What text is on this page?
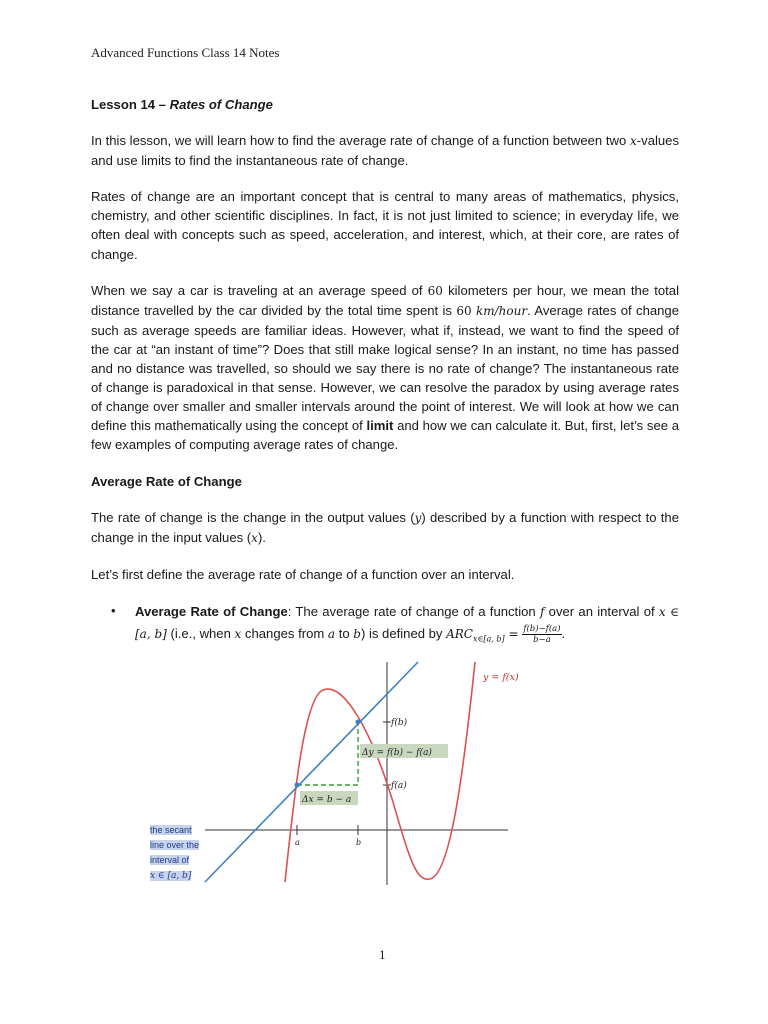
Advanced Functions Class 14 Notes

Lesson 14 – Rates of Change

In this lesson, we will learn how to find the average rate of change of a function between two x-values and use limits to find the instantaneous rate of change.

Rates of change are an important concept that is central to many areas of mathematics, physics, chemistry, and other scientific disciplines. In fact, it is not just limited to science; in everyday life, we often deal with concepts such as speed, acceleration, and interest, which, at their core, are rates of change.

When we say a car is traveling at an average speed of 60 kilometers per hour, we mean the total distance travelled by the car divided by the total time spent is 60 km/hour. Average rates of change such as average speeds are familiar ideas. However, what if, instead, we want to find the speed of the car at “an instant of time”? Does that still make logical sense? In an instant, no time has passed and no distance was travelled, so should we say there is no rate of change? The instantaneous rate of change is paradoxical in that sense. However, we can resolve the paradox by using average rates of change over smaller and smaller intervals around the point of interest. We will look at how we can define this mathematically using the concept of limit and how we can calculate it. But, first, let’s see a few examples of computing average rates of change.

Average Rate of Change

The rate of change is the change in the output values (y) described by a function with respect to the change in the input values (x).

Let’s first define the average rate of change of a function over an interval.

• Average Rate of Change: The average rate of change of a function f over an interval of x ∈ [a, b] (i.e., when x changes from a to b) is defined by $ARC_{x\in[a, b]} = \frac{f(b)-f(a)}{b-a}$ .

y = f(x)
f(b)
f(a)
Δy = f(b) − f(a)
Δx = b − a
a	b
the secant
line over the
interval of
x ∈ [a, b]
1
